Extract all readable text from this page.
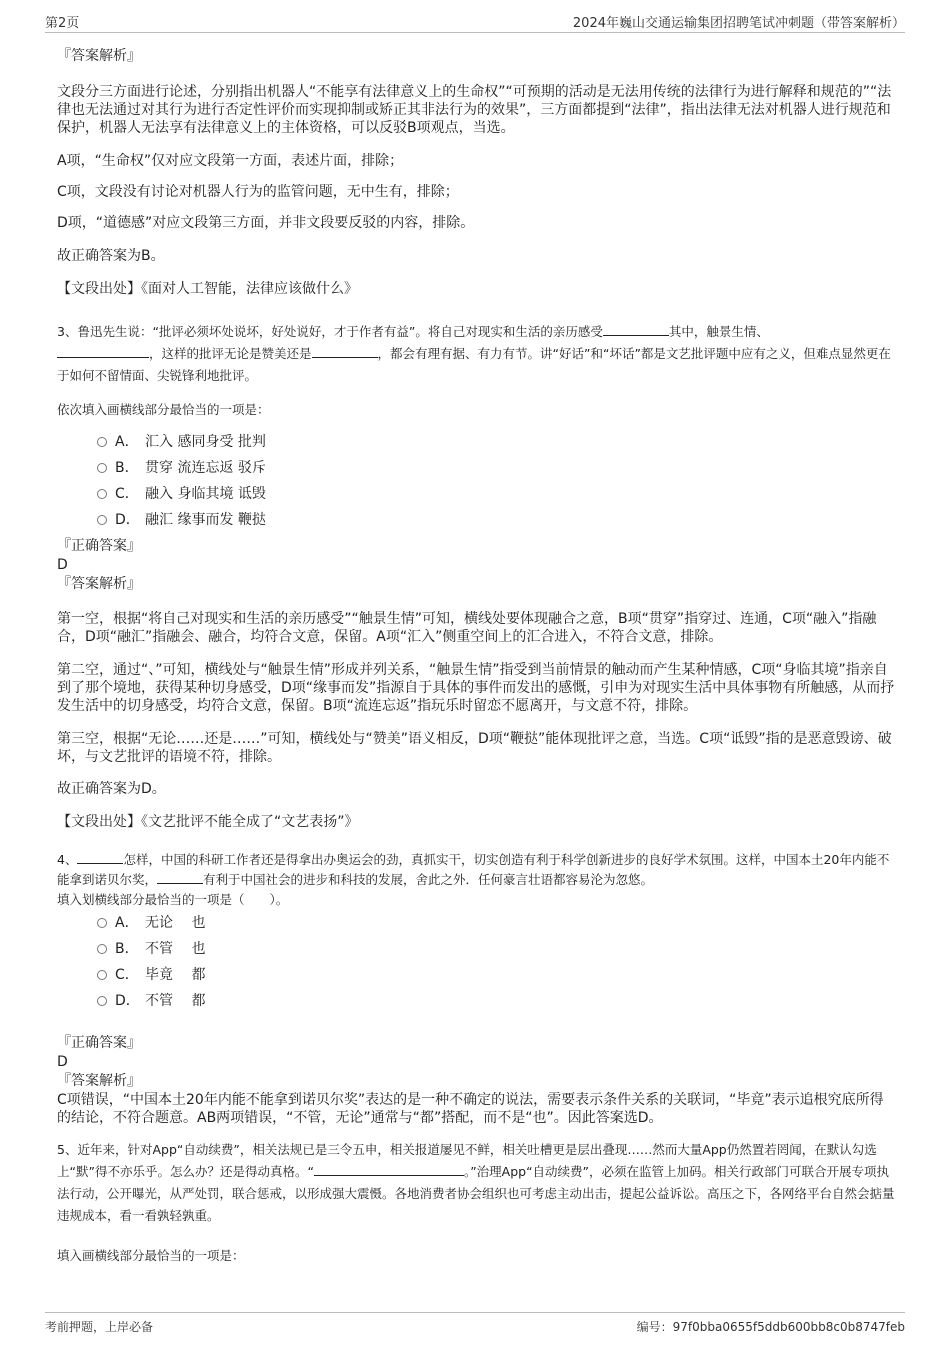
第2页	2024年巍山交通运输集团招聘笔试冲刺题（带答案解析）

『答案解析』

文段分三方面进行论述，分别指出机器人“不能享有法律意义上的生命权”“可预期的活动是无法用传统的法律行为进行解释和规范的”“法律也无法通过对其行为进行否定性评价而实现抑制或矫正其非法行为的效果”，三方面都提到“法律”，指出法律无法对机器人进行规范和保护，机器人无法享有法律意义上的主体资格，可以反驳B项观点，当选。

A项，“生命权”仅对应文段第一方面，表述片面，排除；

C项，文段没有讨论对机器人行为的监管问题，无中生有，排除；

D项，“道德感”对应文段第三方面，并非文段要反驳的内容，排除。

故正确答案为B。

【文段出处】《面对人工智能，法律应该做什么》

3、鲁迅先生说：“批评必须坏处说坏，好处说好，才于作者有益”。将自己对现实和生活的亲历感受	其中，触景生情、
，这样的批评无论是赞美还是	，都会有理有据、有力有节。讲“好话”和“坏话”都是文艺批评题中应有之义，但难点显然更在于如何不留情面、尖锐锋利地批评。

依次填入画横线部分最恰当的一项是：

A． 汇入 感同身受 批判
B． 贯穿 流连忘返 驳斥
C． 融入 身临其境 诋毁
D． 融汇 缘事而发 鞭挞

『正确答案』

D

『答案解析』

第一空，根据“将自己对现实和生活的亲历感受”“触景生情”可知，横线处要体现融合之意，B项“贯穿”指穿过、连通，C项“融入”指融合，D项“融汇”指融会、融合，均符合文意，保留。A项“汇入”侧重空间上的汇合进入，不符合文意，排除。

第二空，通过“、”可知，横线处与“触景生情”形成并列关系，“触景生情”指受到当前情景的触动而产生某种情感，C项“身临其境”指亲自到了那个境地，获得某种切身感受，D项“缘事而发”指源自于具体的事件而发出的感慨，引申为对现实生活中具体事物有所触感，从而抒发生活中的切身感受，均符合文意，保留。B项“流连忘返”指玩乐时留恋不愿离开，与文意不符，排除。

第三空，根据“无论……还是……”可知，横线处与“赞美”语义相反，D项“鞭挞”能体现批评之意，当选。C项“诋毁”指的是恶意毁谤、破坏，与文艺批评的语境不符，排除。

故正确答案为D。

【文段出处】《文艺批评不能全成了“文艺表扬”》

4、	怎样，中国的科研工作者还是得拿出办奥运会的劲，真抓实干，切实创造有利于科学创新进步的良好学术氛围。这样，中国本土20年内能不能拿到诺贝尔奖，	有利于中国社会的进步和科技的发展，舍此之外．任何豪言壮语都容易沦为忽悠。

填入划横线部分最恰当的一项是（　　）。

A． 无论　 也
B． 不管　 也
C． 毕竟　 都
D． 不管　 都

『正确答案』

D

『答案解析』

C项错误，“中国本土20年内能不能拿到诺贝尔奖”表达的是一种不确定的说法，需要表示条件关系的关联词，“毕竟”表示追根究底所得的结论，不符合题意。AB两项错误，“不管，无论”通常与“都”搭配，而不是“也”。因此答案选D。

5、近年来，针对App“自动续费”，相关法规已是三令五申，相关报道屡见不鲜，相关吐槽更是层出叠现……然而大量App仍然置若罔闻，在默认勾选上“默”得不亦乐乎。怎么办？还是得动真格。“	。”治理App“自动续费”，必须在监管上加码。相关行政部门可联合开展专项执法行动，公开曝光，从严处罚，联合惩戒，以形成强大震慑。各地消费者协会组织也可考虑主动出击，提起公益诉讼。高压之下，各网络平台自然会掂量违规成本，看一看孰轻孰重。

填入画横线部分最恰当的一项是：

考前押题，上岸必备	编号：97f0bba0655f5ddb600bb8c0b8747feb
